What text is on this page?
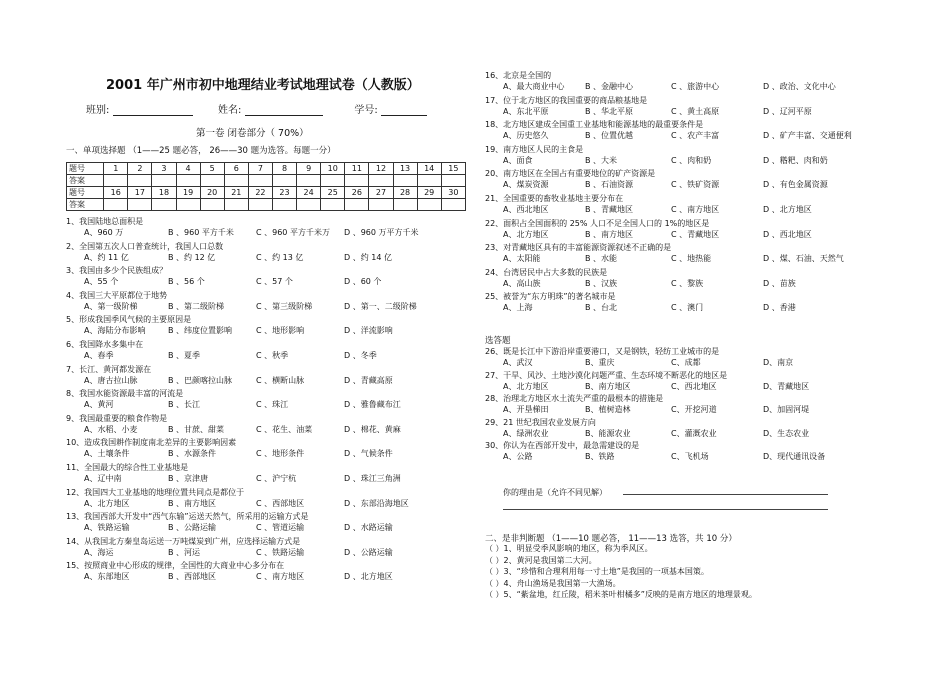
2001 年广州市初中地理结业考试地理试卷（人教版）
班别:	姓名:	学号:
第一卷 闭卷部分（ 70%）
一、单项选择题 （1——25 题必答， 26——30 题为选答。每题一分）
题号	1	2	3	4	5	6	7	8	9	10	11	12	13	14	15
答案															
题号	16	17	18	19	20	21	22	23	24	25	26	27	28	29	30
答案															
1、我国陆地总面积是
A、960 万	B 、960 平方千米	C 、960 平方千米万 D 、960 万平方千米
2、全国第五次人口普查统计，我国人口总数
A、约 11 亿	B 、约 12 亿	C 、约 13 亿	D 、约 14 亿
3、我国由多少个民族组成？
A、55 个	B 、56 个	C 、57 个	D 、60 个
4、我国三大平原都位于地势
A、第一级阶梯	B 、第二级阶梯	C 、第三级阶梯	D 、第一、二级阶梯
5、形成我国季风气候的主要原因是
A、海陆分布影响	B 、纬度位置影响	C 、地形影响	D 、洋流影响
6、我国降水多集中在
A、春季	B 、夏季	C 、秋季	D 、冬季
7、长江、黄河都发源在
A、唐古拉山脉	B 、巴颜喀拉山脉	C 、横断山脉	D 、青藏高原
8、我国水能资源最丰富的河流是
A、黄河	B 、长江	C 、珠江	D 、雅鲁藏布江
9、我国最重要的粮食作物是
A、水稻、小麦	B 、甘蔗、甜菜	C 、花生、油菜	D 、棉花、黄麻
10、造成我国耕作制度南北差异的主要影响因素
A、土壤条件	B 、水源条件	C 、地形条件	D 、气候条件
11、全国最大的综合性工业基地是
A、辽中南	B 、京津唐	C 、沪宁杭	D 、珠江三角洲
12、我国四大工业基地的地理位置共同点是都位于
A、北方地区	B 、南方地区	C 、西部地区	D 、东部沿海地区
13、我国西部大开发中“西气东输”运送天然气，所采用的运输方式是
A、铁路运输	B 、公路运输	C 、管道运输	D 、水路运输
14、从我国北方秦皇岛运送一万吨煤炭到广州，应选择运输方式是
A、海运	B 、河运	C 、铁路运输	D 、公路运输
15、按照商业中心形成的规律，全国性的大商业中心多分布在
A、东部地区	B 、西部地区	C 、南方地区	D 、北方地区
16、北京是全国的
A、最大商业中心	B 、金融中心	C 、旅游中心	D 、政治、文化中心
17、位于北方地区的我国重要的商品粮基地是
A、东北平原	B 、华北平原	C 、黄土高原	D 、辽河平原
18、北方地区建成全国重工业基地和能源基地的最重要条件是
A、历史悠久	B 、位置优越	C 、农产丰富	D 、矿产丰富、交通便利
19、南方地区人民的主食是
A、面食	B 、大米	C 、肉和奶	D 、糌粑、肉和奶
20、南方地区在全国占有重要地位的矿产资源是
A、煤炭资源	B 、石油资源	C 、铁矿资源	D 、有色金属资源
21、全国重要的畜牧业基地主要分布在
A、西北地区	B 、青藏地区	C 、南方地区	D 、北方地区
22、面积占全国面积的 25% 人口不足全国人口的 1%的地区是
A、北方地区	B 、南方地区	C 、青藏地区	D 、西北地区
23、对青藏地区具有的丰富能源资源叙述不正确的是
A、太阳能	B 、水能	C 、地热能	D 、煤、石油、天然气
24、台湾居民中占大多数的民族是
A、高山族	B 、汉族	C 、黎族	D 、苗族
25、被誉为“东方明珠”的著名城市是
A、上海	B 、台北	C 、澳门	D 、香港
选答题
26、既是长江中下游沿岸重要港口，又是钢铁，轻纺工业城市的是
A、武汉	B、重庆	C、成都	D、南京
27、干旱、风沙、土地沙漠化问题严重、生态环境不断恶化的地区是
A、北方地区	B、南方地区	C、西北地区	D、青藏地区
28、治理北方地区水土流失严重的最根本的措施是
A、开垦梯田	B、植树造林	C、开挖河道	D、加固河堤
29、21 世纪我国农业发展方向
A、绿洲农业	B、能源农业	C、灌溉农业	D、生态农业
30、你认为在西部开发中，最急需建设的是
A、公路	B、铁路	C、飞机场	D、现代通讯设备
你的理由是（允许不同见解）
二、是非判断题 （1——10 题必答， 11——13 选答，共 10 分）
（ ）1、明显受季风影响的地区，称为季风区。
（ ）2、黄河是我国第二大河。
（ ）3、“珍惜和合理利用每一寸土地”是我国的一项基本国策。
（ ）4、舟山渔场是我国第一大渔场。
（ ）5、“紫盆地，红丘陵，稻米茶叶柑橘多”反映的是南方地区的地理景观。
